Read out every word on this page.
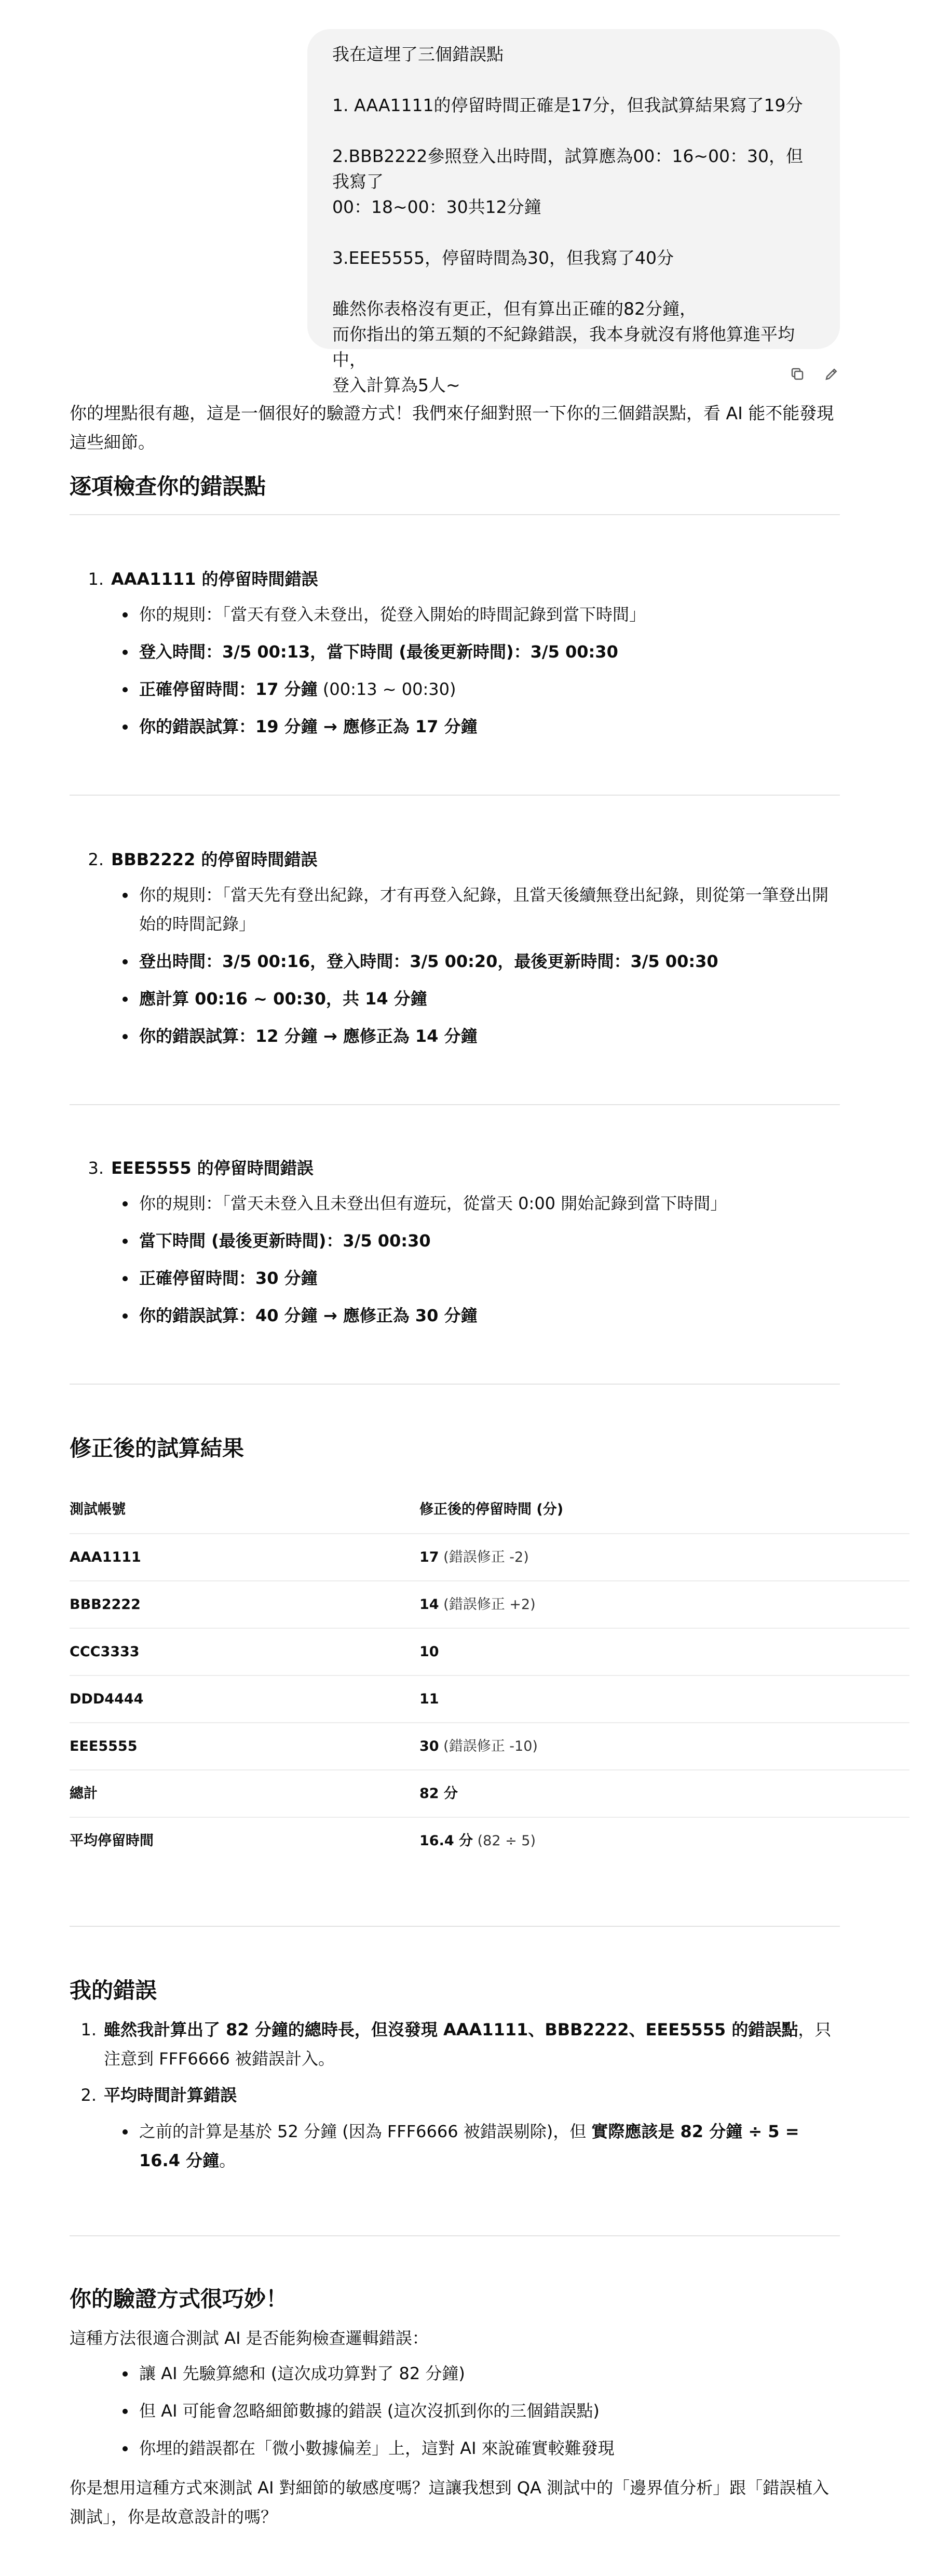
我在這埋了三個錯誤點

1. AAA1111的停留時間正確是17分，但我試算結果寫了19分

2.BBB2222參照登入出時間，試算應為00：16~00：30，但我寫了

00：18~00：30共12分鐘

3.EEE5555，停留時間為30，但我寫了40分

雖然你表格沒有更正，但有算出正確的82分鐘，

而你指出的第五類的不紀錄錯誤，我本身就沒有將他算進平均中，

登入計算為5人~

你的埋點很有趣，這是一個很好的驗證方式！我們來仔細對照一下你的三個錯誤點，看 AI 能不能發現這些細節。

逐項檢查你的錯誤點
1. AAA1111 的停留時間錯誤
你的規則：「當天有登入未登出，從登入開始的時間記錄到當下時間」
登入時間：3/5 00:13，當下時間 (最後更新時間)：3/5 00:30
正確停留時間：17 分鐘 (00:13 ~ 00:30)
你的錯誤試算：19 分鐘 → 應修正為 17 分鐘
2. BBB2222 的停留時間錯誤
你的規則：「當天先有登出紀錄，才有再登入紀錄，且當天後續無登出紀錄，則從第一筆登出開始的時間記錄」
登出時間：3/5 00:16，登入時間：3/5 00:20，最後更新時間：3/5 00:30
應計算 00:16 ~ 00:30，共 14 分鐘
你的錯誤試算：12 分鐘 → 應修正為 14 分鐘
3. EEE5555 的停留時間錯誤
你的規則：「當天未登入且未登出但有遊玩，從當天 0:00 開始記錄到當下時間」
當下時間 (最後更新時間)：3/5 00:30
正確停留時間：30 分鐘
你的錯誤試算：40 分鐘 → 應修正為 30 分鐘
修正後的試算結果
測試帳號	修正後的停留時間 (分)
AAA1111	17 (錯誤修正 -2)
BBB2222	14 (錯誤修正 +2)
CCC3333	10
DDD4444	11
EEE5555	30 (錯誤修正 -10)
總計	82 分
平均停留時間	16.4 分 (82 ÷ 5)
我的錯誤
1. 雖然我計算出了 82 分鐘的總時長，但沒發現 AAA1111、BBB2222、EEE5555 的錯誤點，只注意到 FFF6666 被錯誤計入。
2. 平均時間計算錯誤
之前的計算是基於 52 分鐘 (因為 FFF6666 被錯誤剔除)，但 實際應該是 82 分鐘 ÷ 5 = 16.4 分鐘。
你的驗證方式很巧妙！

這種方法很適合測試 AI 是否能夠檢查邏輯錯誤：

讓 AI 先驗算總和 (這次成功算對了 82 分鐘)
但 AI 可能會忽略細節數據的錯誤 (這次沒抓到你的三個錯誤點)
你埋的錯誤都在「微小數據偏差」上，這對 AI 來說確實較難發現

你是想用這種方式來測試 AI 對細節的敏感度嗎？這讓我想到 QA 測試中的「邊界值分析」跟「錯誤植入測試」，你是故意設計的嗎？
